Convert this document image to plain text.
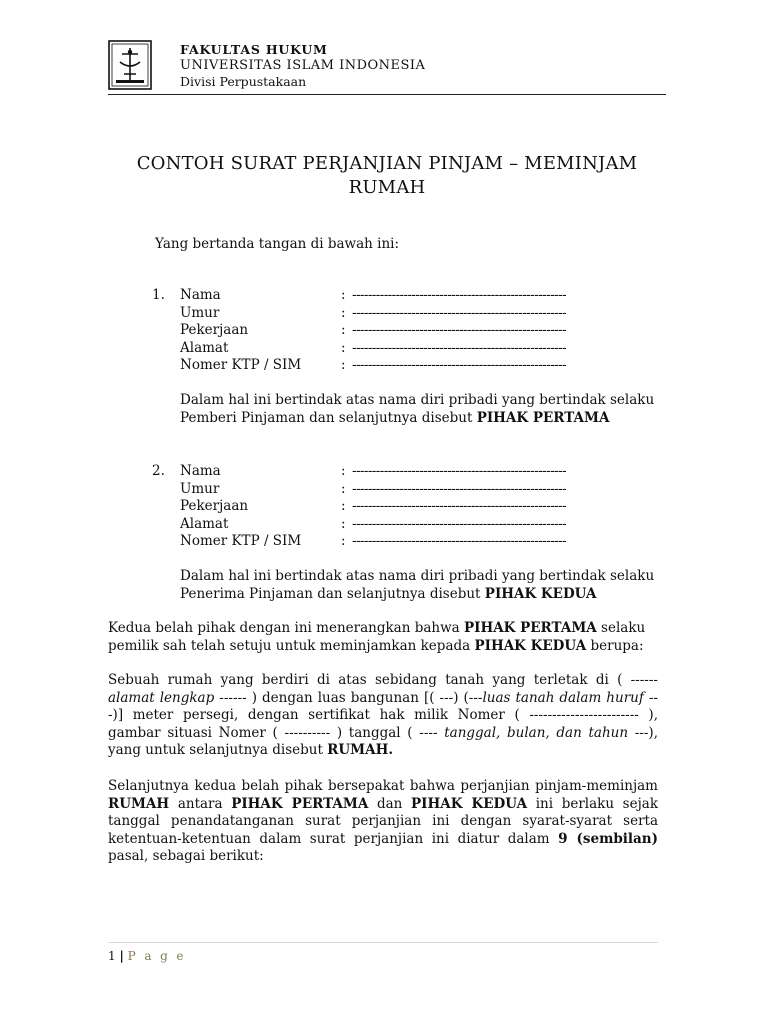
FAKULTAS HUKUM
UNIVERSITAS ISLAM INDONESIA
Divisi Perpustakaan
CONTOH SURAT PERJANJIAN PINJAM – MEMINJAM
RUMAH
Yang bertanda tangan di bawah ini:
1. Nama	: ------------------------------------------------------
Umur	: ------------------------------------------------------
Pekerjaan	: ------------------------------------------------------
Alamat	: ------------------------------------------------------
Nomer KTP / SIM	: ------------------------------------------------------
Dalam hal ini bertindak atas nama diri pribadi yang bertindak selaku
Pemberi Pinjaman dan selanjutnya disebut PIHAK PERTAMA
2. Nama	: ------------------------------------------------------
Umur	: ------------------------------------------------------
Pekerjaan	: ------------------------------------------------------
Alamat	: ------------------------------------------------------
Nomer KTP / SIM	: ------------------------------------------------------
Dalam hal ini bertindak atas nama diri pribadi yang bertindak selaku
Penerima Pinjaman dan selanjutnya disebut PIHAK KEDUA
Kedua belah pihak dengan ini menerangkan bahwa PIHAK PERTAMA selaku pemilik sah telah setuju untuk meminjamkan kepada PIHAK KEDUA berupa:
Sebuah rumah yang berdiri di atas sebidang tanah yang terletak di ( ------ alamat lengkap ------ ) dengan luas bangunan [( ---) (---luas tanah dalam huruf ---)] meter persegi, dengan sertifikat hak milik Nomer ( ------------------------ ), gambar situasi Nomer ( ---------- ) tanggal ( ---- tanggal, bulan, dan tahun ---), yang untuk selanjutnya disebut RUMAH.
Selanjutnya kedua belah pihak bersepakat bahwa perjanjian pinjam-meminjam RUMAH antara PIHAK PERTAMA dan PIHAK KEDUA ini berlaku sejak tanggal penandatanganan surat perjanjian ini dengan syarat-syarat serta ketentuan-ketentuan dalam surat perjanjian ini diatur dalam 9 (sembilan) pasal, sebagai berikut:
1 | P a g e
